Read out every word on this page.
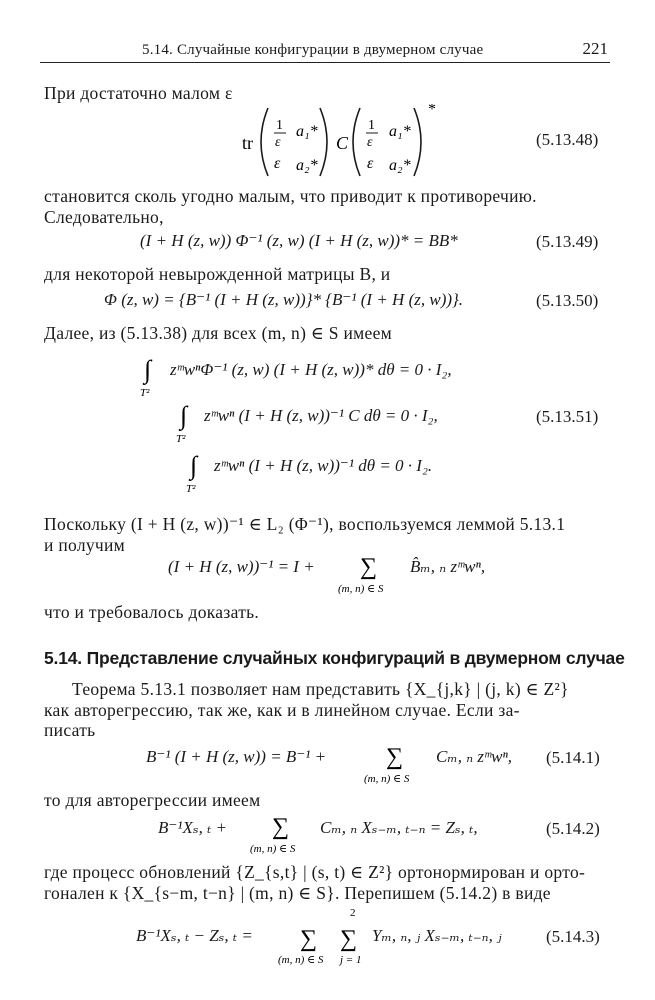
5.14. Случайные конфигурации в двумерном случае	221
При достаточно малом ε
tr
1
ε
a₁*
ε a₂*
C
1
ε
a₁*
ε a₂*
*
(5.13.48)
становится сколь угодно малым, что приводит к противоречию.
Следовательно,
(I + H (z, w)) Φ⁻¹ (z, w) (I + H (z, w))* = BB*	(5.13.49)
для некоторой невырожденной матрицы B, и
Φ (z, w) = {B⁻¹ (I + H (z, w))}* {B⁻¹ (I + H (z, w))}.	(5.13.50)
Далее, из (5.13.38) для всех (m, n) ∈ S имеем
∫
T²
zᵐwⁿΦ⁻¹ (z, w) (I + H (z, w))* dθ = 0 · I₂,
∫
T²
zᵐwⁿ (I + H (z, w))⁻¹ C dθ = 0 · I₂,	(5.13.51)
∫
T²
zᵐwⁿ (I + H (z, w))⁻¹ dθ = 0 · I₂.
Поскольку (I + H (z, w))⁻¹ ∈ L₂ (Φ⁻¹), воспользуемся леммой 5.13.1
и получим
(I + H (z, w))⁻¹ = I + ∑
(m, n) ∈ S
B̂ₘ, ₙ zᵐwⁿ,
что и требовалось доказать.
5.14. Представление случайных конфигураций в двумерном случае
Теорема 5.13.1 позволяет нам представить {X_{j,k} | (j, k) ∈ Z²}
как авторегрессию, так же, как и в линейном случае. Если за-
писать
B⁻¹ (I + H (z, w)) = B⁻¹ + ∑
(m, n) ∈ S
Cₘ, ₙ zᵐwⁿ, (5.14.1)
то для авторегрессии имеем
B⁻¹Xₛ, ₜ + ∑
(m, n) ∈ S
Cₘ, ₙ Xₛ₋ₘ, ₜ₋ₙ = Zₛ, ₜ,	(5.14.2)
где процесс обновлений {Z_{s,t} | (s, t) ∈ Z²} ортонормирован и орто-
гонален к {X_{s−m, t−n} | (m, n) ∈ S}. Перепишем (5.14.2) в виде
B⁻¹Xₛ, ₜ − Zₛ, ₜ = ∑
(m, n) ∈ S
2
∑
j = 1
Yₘ, ₙ, ⱼ Xₛ₋ₘ, ₜ₋ₙ, ⱼ	(5.14.3)
